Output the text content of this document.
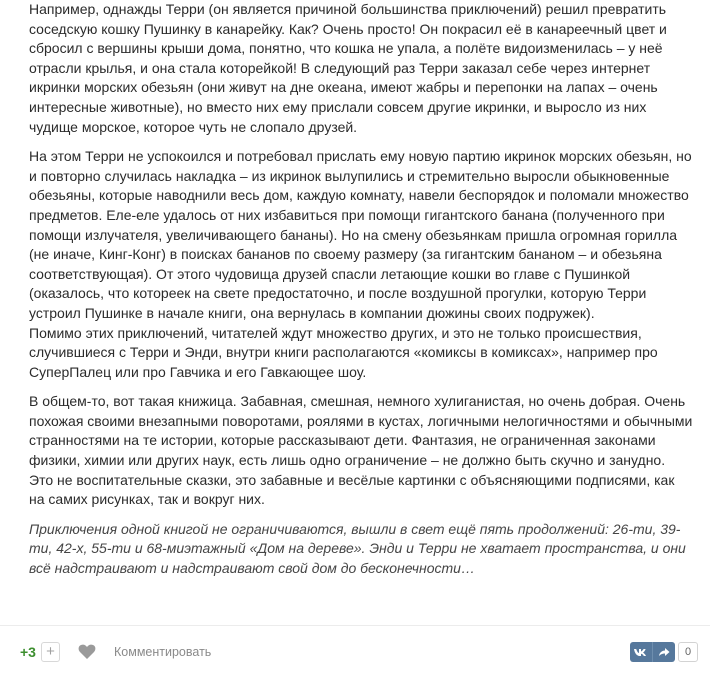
Например, однажды Терри (он является причиной большинства приключений) решил превратить соседскую кошку Пушинку в канарейку. Как? Очень просто! Он покрасил её в канареечный цвет и сбросил с вершины крыши дома, понятно, что кошка не упала, а полёте видоизменилась – у неё отрасли крылья, и она стала которейкой! В следующий раз Терри заказал себе через интернет икринки морских обезьян (они живут на дне океана, имеют жабры и перепонки на лапах – очень интересные животные), но вместо них ему прислали совсем другие икринки, и выросло из них чудище морское, которое чуть не слопало друзей.

На этом Терри не успокоился и потребовал прислать ему новую партию икринок морских обезьян, но и повторно случилась накладка – из икринок вылупились и стремительно выросли обыкновенные обезьяны, которые наводнили весь дом, каждую комнату, навели беспорядок и поломали множество предметов. Еле-еле удалось от них избавиться при помощи гигантского банана (полученного при помощи излучателя, увеличивающего бананы). Но на смену обезьянкам пришла огромная горилла (не иначе, Кинг-Конг) в поисках бананов по своему размеру (за гигантским бананом – и обезьяна соответствующая). От этого чудовища друзей спасли летающие кошки во главе с Пушинкой (оказалось, что котореек на свете предостаточно, и после воздушной прогулки, которую Терри устроил Пушинке в начале книги, она вернулась в компании дюжины своих подружек).

Помимо этих приключений, читателей ждут множество других, и это не только происшествия, случившиеся с Терри и Энди, внутри книги располагаются «комиксы в комиксах», например про СуперПалец или про Гавчика и его Гавкающее шоу.

В общем-то, вот такая книжица. Забавная, смешная, немного хулиганистая, но очень добрая. Очень похожая своими внезапными поворотами, роялями в кустах, логичными нелогичностями и обычными странностями на те истории, которые рассказывают дети. Фантазия, не ограниченная законами физики, химии или других наук, есть лишь одно ограничение – не должно быть скучно и занудно. Это не воспитательные сказки, это забавные и весёлые картинки с объясняющими подписями, как на самих рисунках, так и вокруг них.

Приключения одной книгой не ограничиваются, вышли в свет ещё пять продолжений: 26-ти, 39-ти, 42-х, 55-ти и 68-миэтажный «Дом на дереве». Энди и Терри не хватает пространства, и они всё надстраивают и надстраивают свой дом до бесконечности…

+3 +	Комментировать	0
